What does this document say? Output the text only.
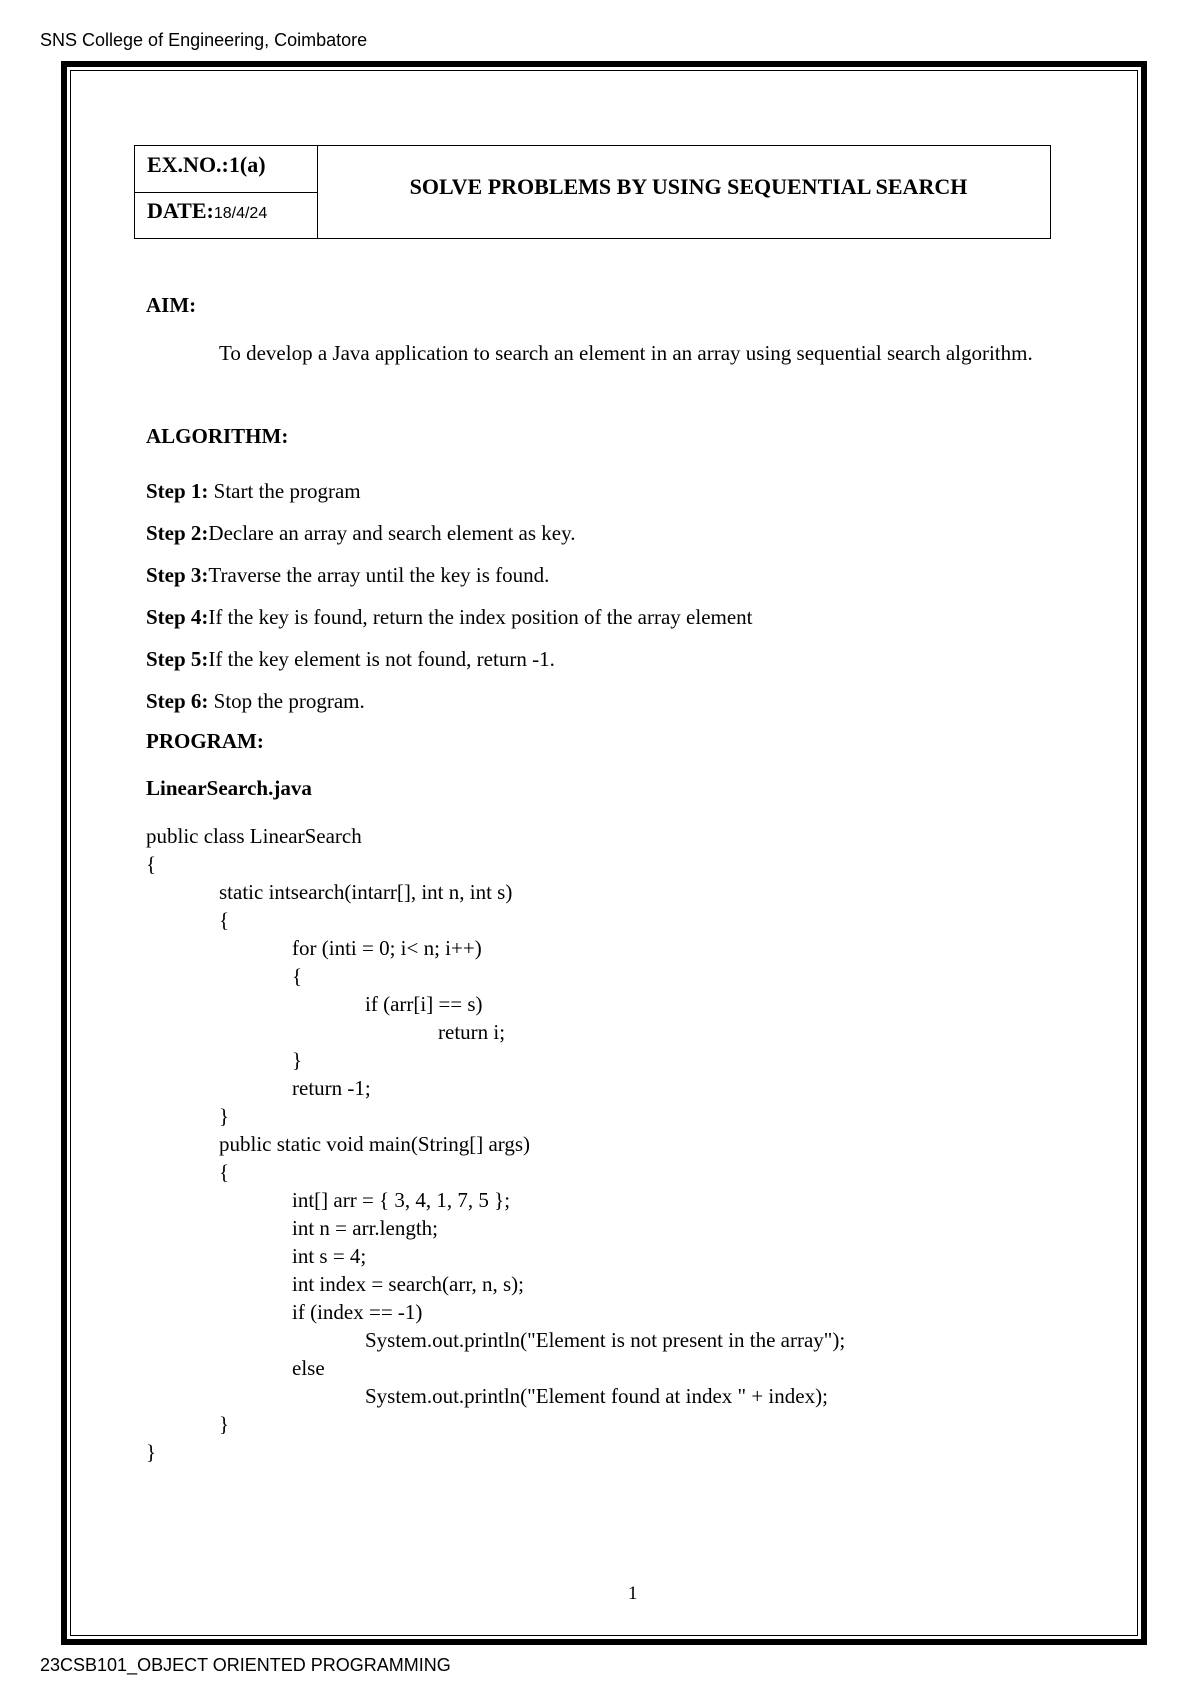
SNS College of Engineering, Coimbatore
EX.NO.:1(a)
DATE:18/4/24
SOLVE PROBLEMS BY USING SEQUENTIAL SEARCH
AIM:
To develop a Java application to search an element in an array using sequential search algorithm.
ALGORITHM:
Step 1: Start the program
Step 2:Declare an array and search element as key.
Step 3:Traverse the array until the key is found.
Step 4:If the key is found, return the index position of the array element
Step 5:If the key element is not found, return -1.
Step 6: Stop the program.
PROGRAM:
LinearSearch.java
public class LinearSearch
{
static intsearch(intarr[], int n, int s)
{
for (inti = 0; i< n; i++)
{
if (arr[i] == s)
return i;
}
return -1;
}
public static void main(String[] args)
{
int[] arr = { 3, 4, 1, 7, 5 };
int n = arr.length;
int s = 4;
int index = search(arr, n, s);
if (index == -1)
System.out.println("Element is not present in the array");
else
System.out.println("Element found at index " + index);
}
}
1
23CSB101_OBJECT ORIENTED PROGRAMMING
